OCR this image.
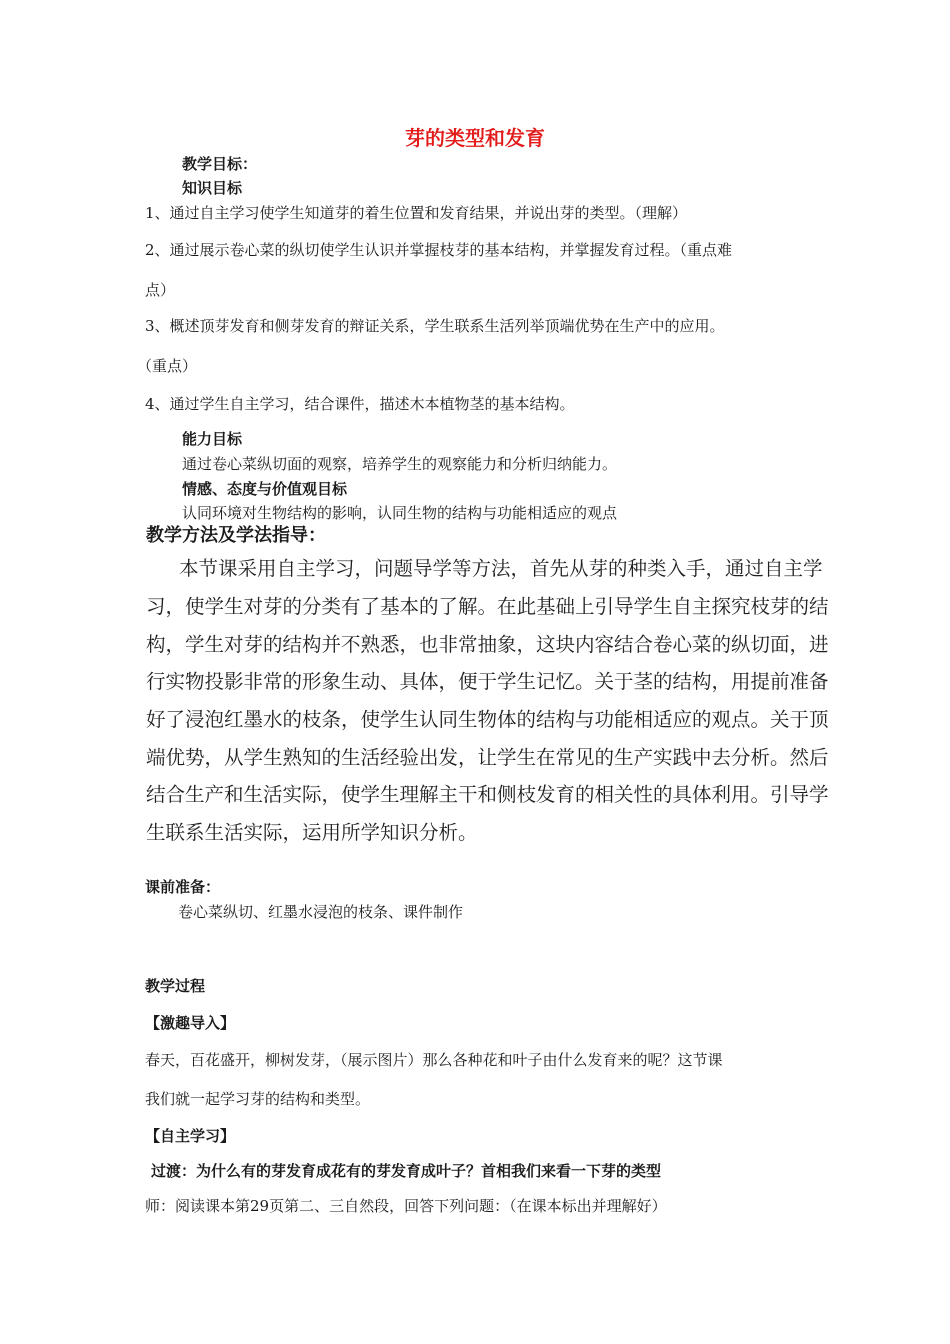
芽的类型和发育
教学目标：
知识目标
1、通过自主学习使学生知道芽的着生位置和发育结果，并说出芽的类型。（理解）
2、通过展示卷心菜的纵切使学生认识并掌握枝芽的基本结构，并掌握发育过程。（重点难
点）
3、概述顶芽发育和侧芽发育的辩证关系，学生联系生活列举顶端优势在生产中的应用。
（重点）
4、通过学生自主学习，结合课件，描述木本植物茎的基本结构。
能力目标
通过卷心菜纵切面的观察，培养学生的观察能力和分析归纳能力。
情感、态度与价值观目标
认同环境对生物结构的影响，认同生物的结构与功能相适应的观点
教学方法及学法指导：
本节课采用自主学习，问题导学等方法，首先从芽的种类入手，通过自主学
习，使学生对芽的分类有了基本的了解。在此基础上引导学生自主探究枝芽的结
构，学生对芽的结构并不熟悉，也非常抽象，这块内容结合卷心菜的纵切面，进
行实物投影非常的形象生动、具体，便于学生记忆。关于茎的结构，用提前准备
好了浸泡红墨水的枝条，使学生认同生物体的结构与功能相适应的观点。关于顶
端优势，从学生熟知的生活经验出发，让学生在常见的生产实践中去分析。然后
结合生产和生活实际，使学生理解主干和侧枝发育的相关性的具体利用。引导学
生联系生活实际，运用所学知识分析。
课前准备：
卷心菜纵切、红墨水浸泡的枝条、课件制作
教学过程
【激趣导入】
春天，百花盛开，柳树发芽，（展示图片）那么各种花和叶子由什么发育来的呢？这节课
我们就一起学习芽的结构和类型。
【自主学习】
过渡：为什么有的芽发育成花有的芽发育成叶子？首相我们来看一下芽的类型
师：阅读课本第29页第二、三自然段，回答下列问题：（在课本标出并理解好）
